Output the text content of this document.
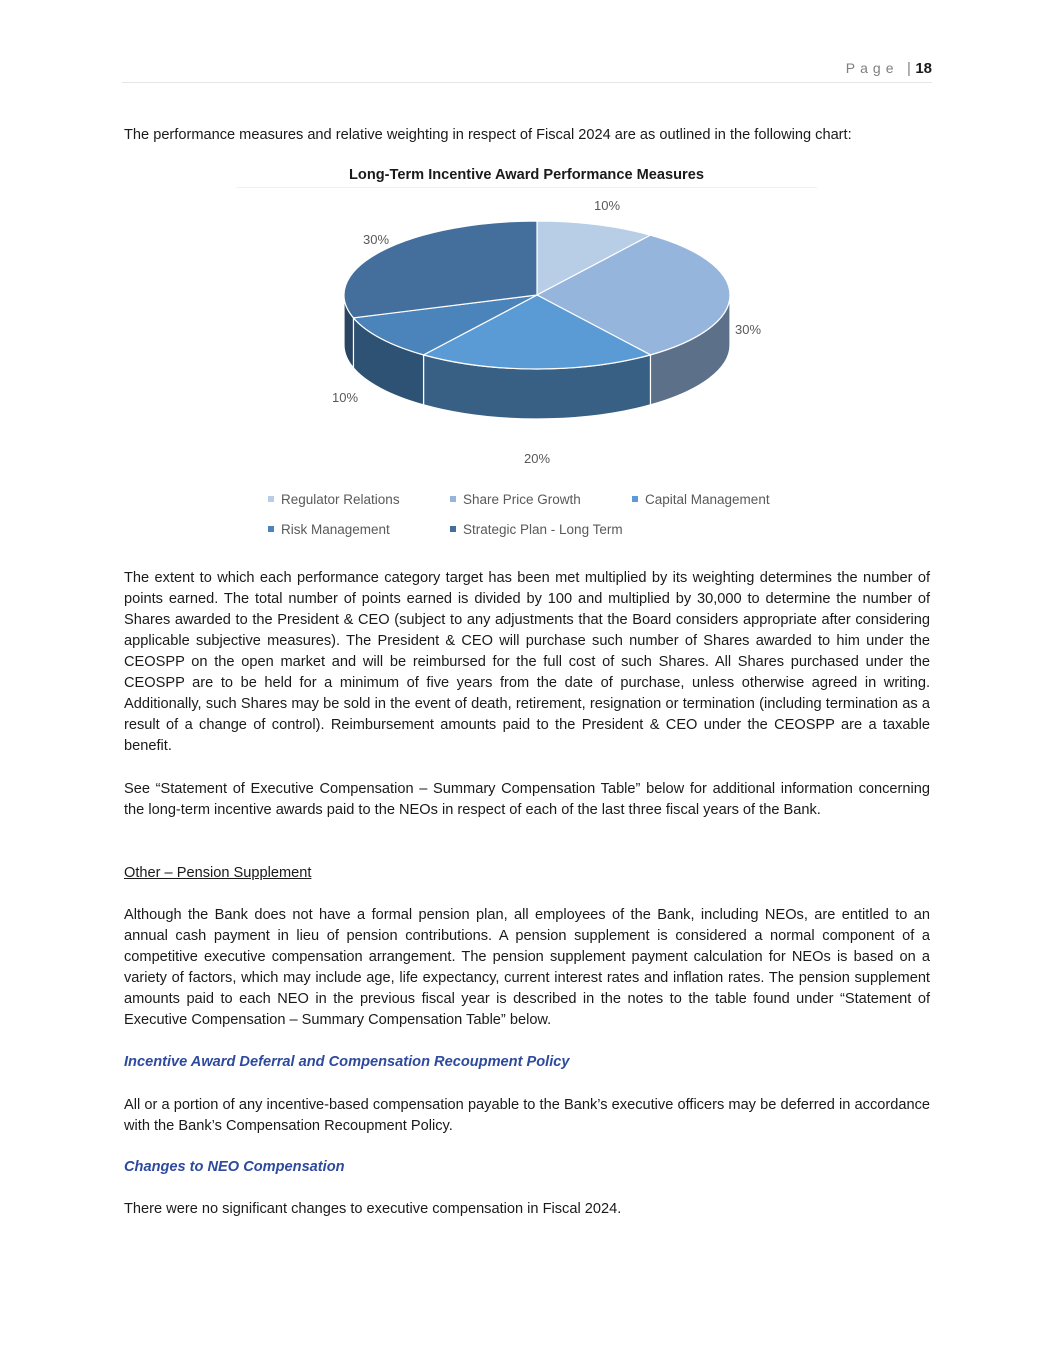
Page | 18

The performance measures and relative weighting in respect of Fiscal 2024 are as outlined in the following chart:

Long-Term Incentive Award Performance Measures
10%
30%
20%
10%
30%
Regulator Relations	Share Price Growth	Capital Management
Risk Management	Strategic Plan - Long Term

The extent to which each performance category target has been met multiplied by its weighting determines the number of points earned. The total number of points earned is divided by 100 and multiplied by 30,000 to determine the number of Shares awarded to the President & CEO (subject to any adjustments that the Board considers appropriate after considering applicable subjective measures). The President & CEO will purchase such number of Shares awarded to him under the CEOSPP on the open market and will be reimbursed for the full cost of such Shares. All Shares purchased under the CEOSPP are to be held for a minimum of five years from the date of purchase, unless otherwise agreed in writing. Additionally, such Shares may be sold in the event of death, retirement, resignation or termination (including termination as a result of a change of control). Reimbursement amounts paid to the President & CEO under the CEOSPP are a taxable benefit.

See “Statement of Executive Compensation – Summary Compensation Table” below for additional information concerning the long-term incentive awards paid to the NEOs in respect of each of the last three fiscal years of the Bank.

Other – Pension Supplement

Although the Bank does not have a formal pension plan, all employees of the Bank, including NEOs, are entitled to an annual cash payment in lieu of pension contributions. A pension supplement is considered a normal component of a competitive executive compensation arrangement. The pension supplement payment calculation for NEOs is based on a variety of factors, which may include age, life expectancy, current interest rates and inflation rates. The pension supplement amounts paid to each NEO in the previous fiscal year is described in the notes to the table found under “Statement of Executive Compensation – Summary Compensation Table” below.

Incentive Award Deferral and Compensation Recoupment Policy

All or a portion of any incentive-based compensation payable to the Bank’s executive officers may be deferred in accordance with the Bank’s Compensation Recoupment Policy.

Changes to NEO Compensation

There were no significant changes to executive compensation in Fiscal 2024.
